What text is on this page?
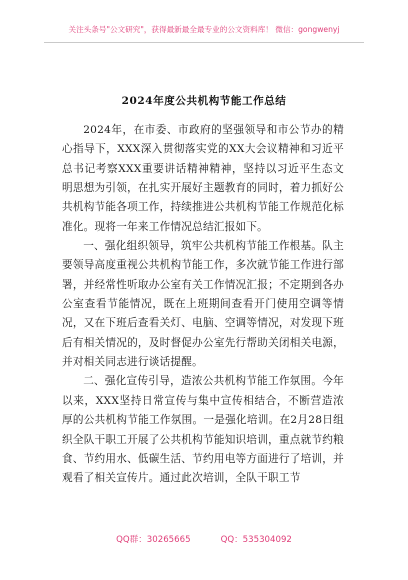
关注头条号"公文研究"，获得最新最全最专业的公文资料库！ 微信：gongwenyj
2024年度公共机构节能工作总结

2024年，在市委、市政府的坚强领导和市公节办的精心指导下，XXX深入贯彻落实党的XX大会议精神和习近平总书记考察XXX重要讲话精神精神，坚持以习近平生态文明思想为引领，在扎实开展好主题教育的同时，着力抓好公共机构节能各项工作，持续推进公共机构节能工作规范化标准化。现将一年来工作情况总结汇报如下。

一、强化组织领导，筑牢公共机构节能工作根基。队主要领导高度重视公共机构节能工作，多次就节能工作进行部署，并经常性听取办公室有关工作情况汇报；不定期到各办公室查看节能情况，既在上班期间查看开门使用空调等情况，又在下班后查看关灯、电脑、空调等情况，对发现下班后有相关情况的，及时督促办公室先行帮助关闭相关电源，并对相关同志进行谈话提醒。

二、强化宣传引导，造浓公共机构节能工作氛围。今年以来，XXX坚持日常宣传与集中宣传相结合，不断营造浓厚的公共机构节能工作氛围。一是强化培训。在2月28日组织全队干职工开展了公共机构节能知识培训，重点就节约粮食、节约用水、低碳生活、节约用电等方面进行了培训，并观看了相关宣传片。通过此次培训，全队干职工节

QQ群：30265665	QQ：535304092
